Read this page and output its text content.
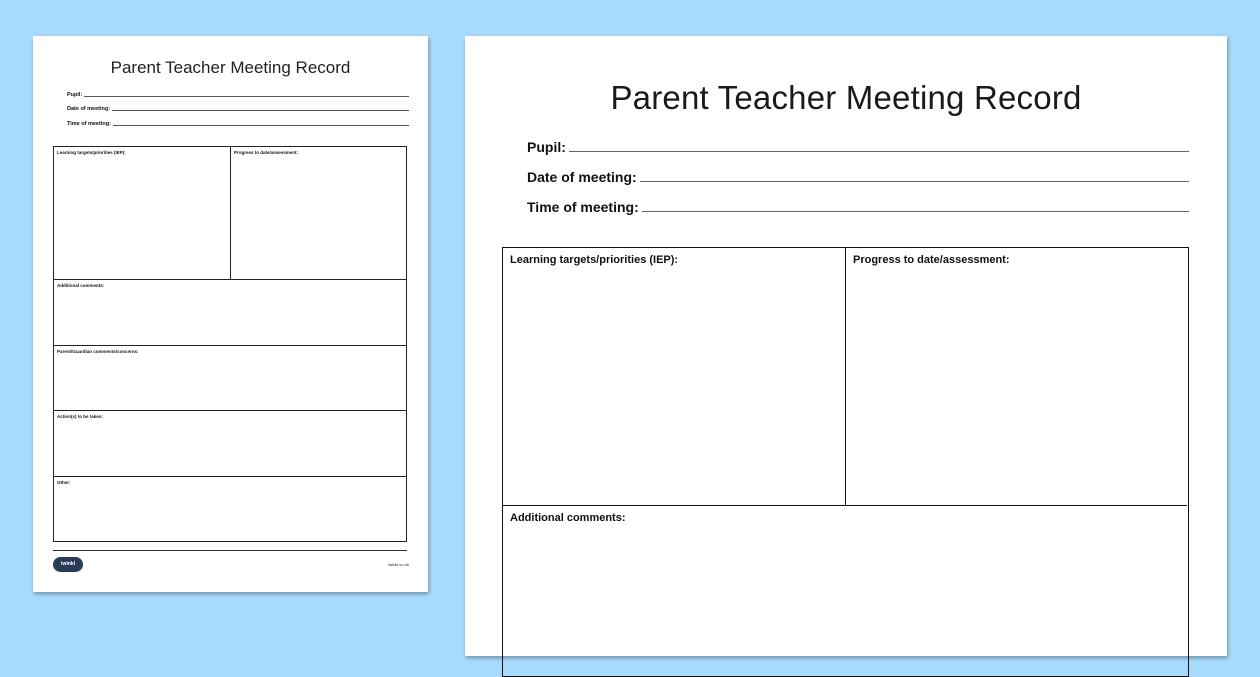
Parent Teacher Meeting Record
Pupil:
Date of meeting:
Time of meeting:
Learning targets/priorities (IEP):	Progress to date/assessment:
Additional comments:
Parent/Guardian comments/concerns:
Action(s) to be taken:
Other:
twinkl	twinkl.co.uk
Parent Teacher Meeting Record
Pupil:
Date of meeting:
Time of meeting:
Learning targets/priorities (IEP):	Progress to date/assessment:
Additional comments:
